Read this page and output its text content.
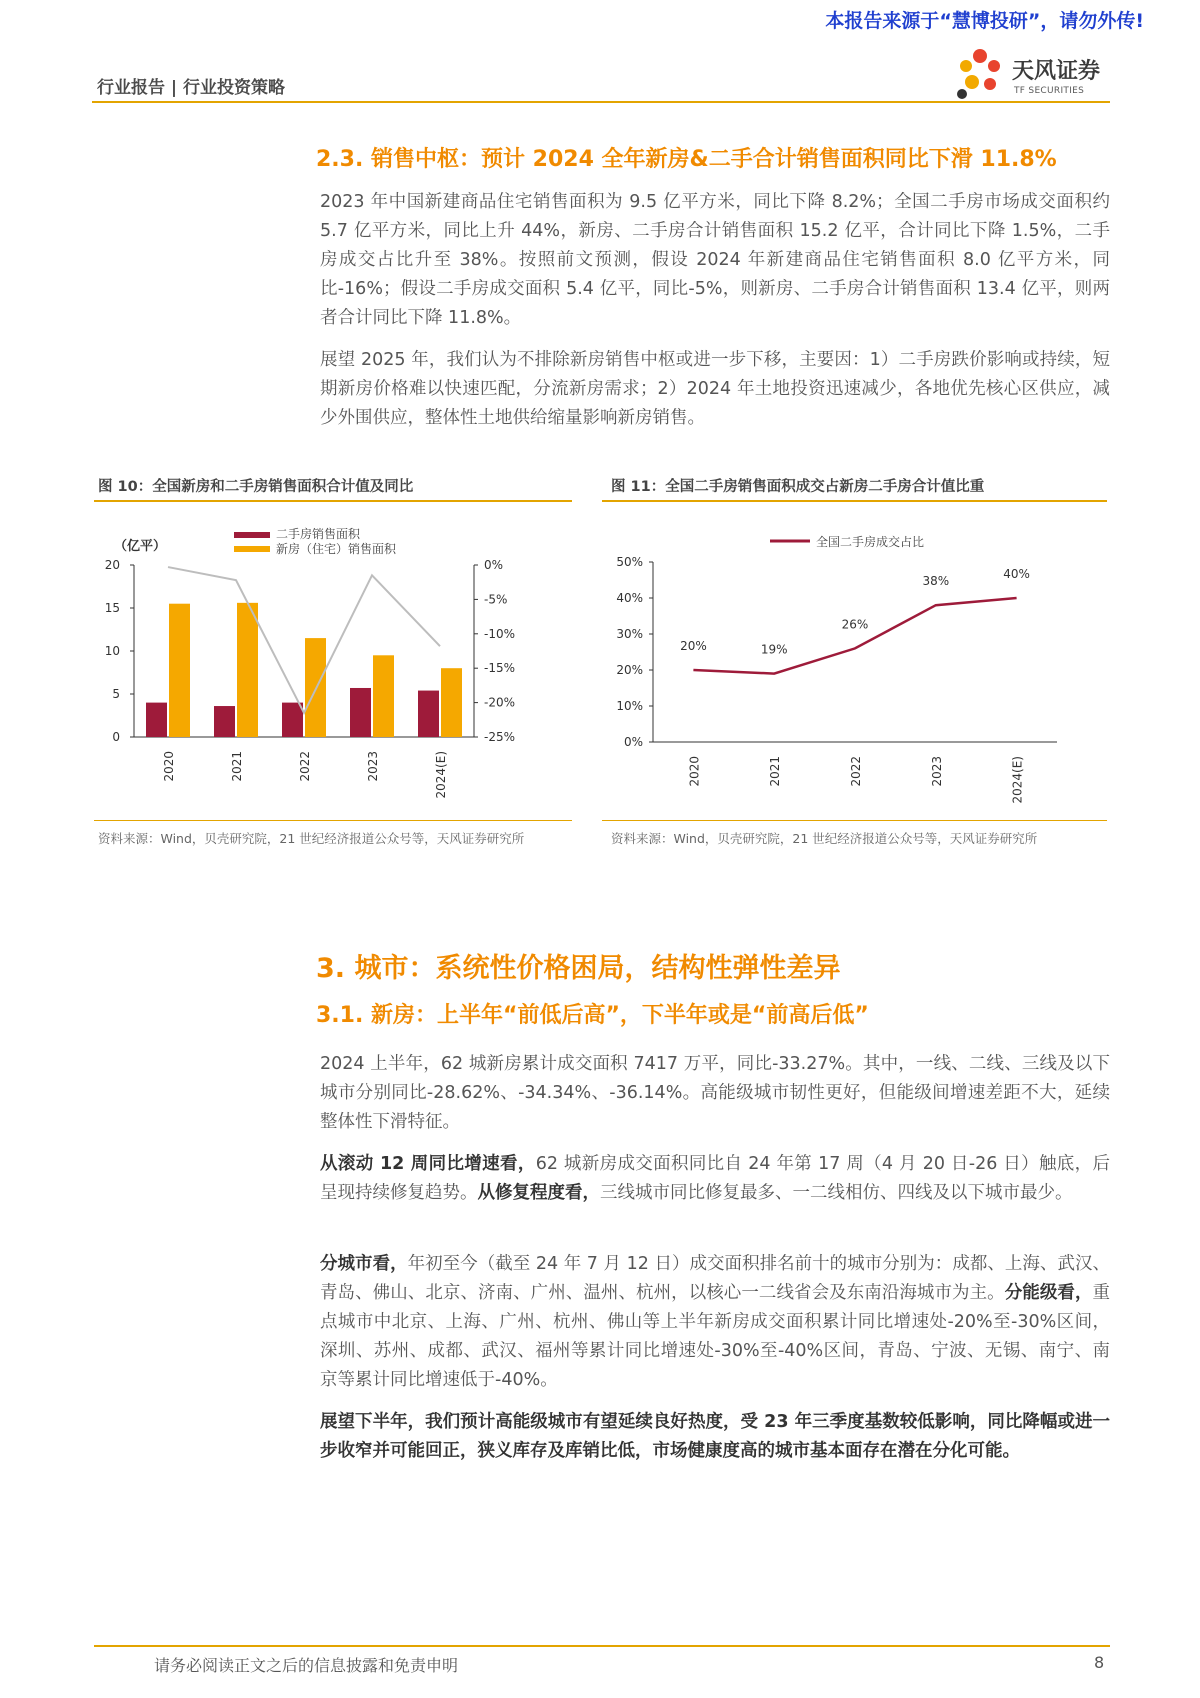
本报告来源于“慧博投研”，请勿外传!
行业报告 | 行业投资策略
天风证券
TF SECURITIES
2.3. 销售中枢：预计 2024 全年新房&二手合计销售面积同比下滑 11.8%

2023 年中国新建商品住宅销售面积为 9.5 亿平方米，同比下降 8.2%；全国二手房市场成交面积约 5.7 亿平方米，同比上升 44%，新房、二手房合计销售面积 15.2 亿平，合计同比下降 1.5%，二手房成交占比升至 38%。按照前文预测，假设 2024 年新建商品住宅销售面积 8.0 亿平方米，同比-16%；假设二手房成交面积 5.4 亿平，同比-5%，则新房、二手房合计销售面积 13.4 亿平，则两者合计同比下降 11.8%。

展望 2025 年，我们认为不排除新房销售中枢或进一步下移，主要因：1）二手房跌价影响或持续，短期新房价格难以快速匹配，分流新房需求；2）2024 年土地投资迅速减少，各地优先核心区供应，减少外围供应，整体性土地供给缩量影响新房销售。

图 10：全国新房和二手房销售面积合计值及同比
0
5
10
15
20	0%
-5%
-10%
-15%
-20%
-25%
（亿平）
2020	2021	2022	2023	2024(E)
二手房销售面积
新房（住宅）销售面积
资料来源：Wind，贝壳研究院，21 世纪经济报道公众号等，天风证券研究所
图 11：全国二手房销售面积成交占新房二手房合计值比重
0%
10%
20%
30%
40%
50%
2020
20%
2021
19%
2022
26%
2023
38%
2024(E)
40%
全国二手房成交占比
资料来源：Wind，贝壳研究院，21 世纪经济报道公众号等，天风证券研究所
3. 城市：系统性价格困局，结构性弹性差异
3.1. 新房：上半年“前低后高”，下半年或是“前高后低”

2024 上半年，62 城新房累计成交面积 7417 万平，同比-33.27%。其中，一线、二线、三线及以下城市分别同比-28.62%、-34.34%、-36.14%。高能级城市韧性更好，但能级间增速差距不大，延续整体性下滑特征。

从滚动 12 周同比增速看，62 城新房成交面积同比自 24 年第 17 周（4 月 20 日-26 日）触底，后呈现持续修复趋势。从修复程度看，三线城市同比修复最多、一二线相仿、四线及以下城市最少。

分城市看，年初至今（截至 24 年 7 月 12 日）成交面积排名前十的城市分别为：成都、上海、武汉、青岛、佛山、北京、济南、广州、温州、杭州，以核心一二线省会及东南沿海城市为主。分能级看，重点城市中北京、上海、广州、杭州、佛山等上半年新房成交面积累计同比增速处-20%至-30%区间，深圳、苏州、成都、武汉、福州等累计同比增速处-30%至-40%区间，青岛、宁波、无锡、南宁、南京等累计同比增速低于-40%。

展望下半年，我们预计高能级城市有望延续良好热度，受 23 年三季度基数较低影响，同比降幅或进一步收窄并可能回正，狭义库存及库销比低，市场健康度高的城市基本面存在潜在分化可能。

请务必阅读正文之后的信息披露和免责申明	8
